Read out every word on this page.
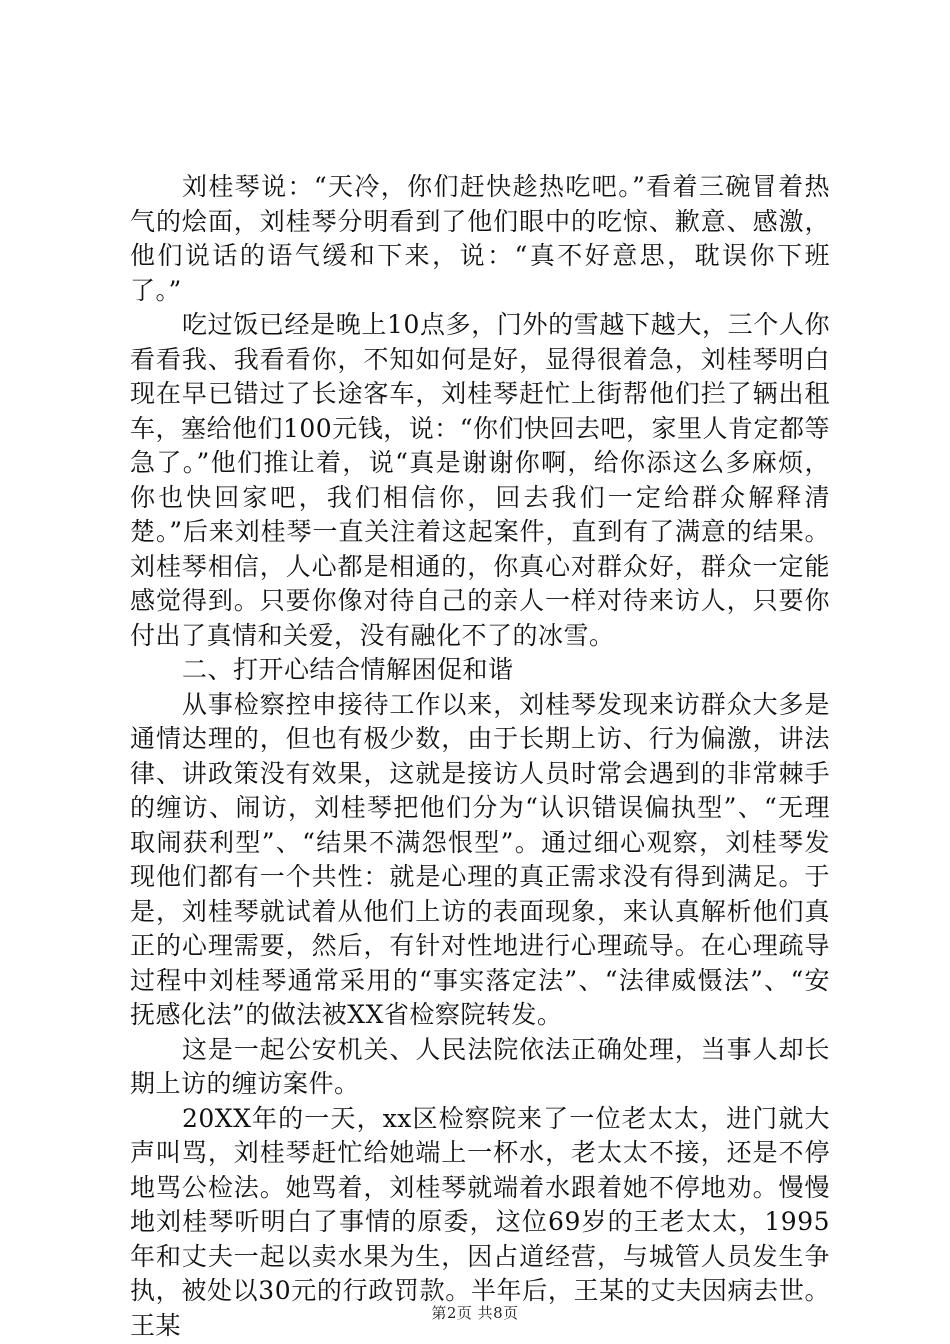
刘桂琴说：“天冷，你们赶快趁热吃吧。”看着三碗冒着热气的烩面，刘桂琴分明看到了他们眼中的吃惊、歉意、感激，他们说话的语气缓和下来，说：“真不好意思，耽误你下班了。”

吃过饭已经是晚上10点多，门外的雪越下越大，三个人你看看我、我看看你，不知如何是好，显得很着急，刘桂琴明白现在早已错过了长途客车，刘桂琴赶忙上街帮他们拦了辆出租车，塞给他们100元钱，说：“你们快回去吧，家里人肯定都等急了。”他们推让着，说“真是谢谢你啊，给你添这么多麻烦，你也快回家吧，我们相信你，回去我们一定给群众解释清楚。”后来刘桂琴一直关注着这起案件，直到有了满意的结果。刘桂琴相信，人心都是相通的，你真心对群众好，群众一定能感觉得到。只要你像对待自己的亲人一样对待来访人，只要你付出了真情和关爱，没有融化不了的冰雪。

二、打开心结合情解困促和谐

从事检察控申接待工作以来，刘桂琴发现来访群众大多是通情达理的，但也有极少数，由于长期上访、行为偏激，讲法律、讲政策没有效果，这就是接访人员时常会遇到的非常棘手的缠访、闹访，刘桂琴把他们分为“认识错误偏执型”、“无理取闹获利型”、“结果不满怨恨型”。通过细心观察，刘桂琴发现他们都有一个共性：就是心理的真正需求没有得到满足。于是，刘桂琴就试着从他们上访的表面现象，来认真解析他们真正的心理需要，然后，有针对性地进行心理疏导。在心理疏导过程中刘桂琴通常采用的“事实落定法”、“法律威慑法”、“安抚感化法”的做法被XX省检察院转发。

这是一起公安机关、人民法院依法正确处理，当事人却长期上访的缠访案件。

20XX年的一天，xx区检察院来了一位老太太，进门就大声叫骂，刘桂琴赶忙给她端上一杯水，老太太不接，还是不停地骂公检法。她骂着，刘桂琴就端着水跟着她不停地劝。慢慢地刘桂琴听明白了事情的原委，这位69岁的王老太太，1995年和丈夫一起以卖水果为生，因占道经营，与城管人员发生争执，被处以30元的行政罚款。半年后，王某的丈夫因病去世。王某	第2页 共8页
